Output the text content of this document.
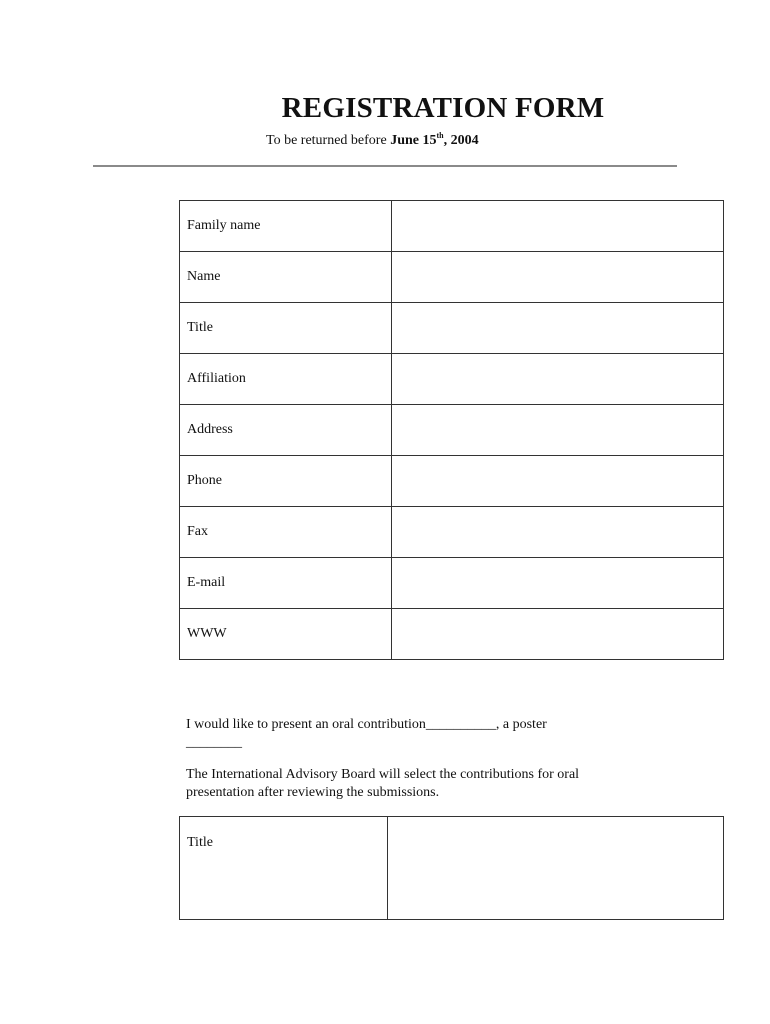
REGISTRATION FORM
To be returned before June 15th, 2004
Family name	
Name	
Title	
Affiliation	
Address	
Phone	
Fax	
E-mail	
WWW	

I would like to present an oral contribution__________, a poster ________

The International Advisory Board will select the contributions for oral presentation after reviewing the submissions.

Title	
